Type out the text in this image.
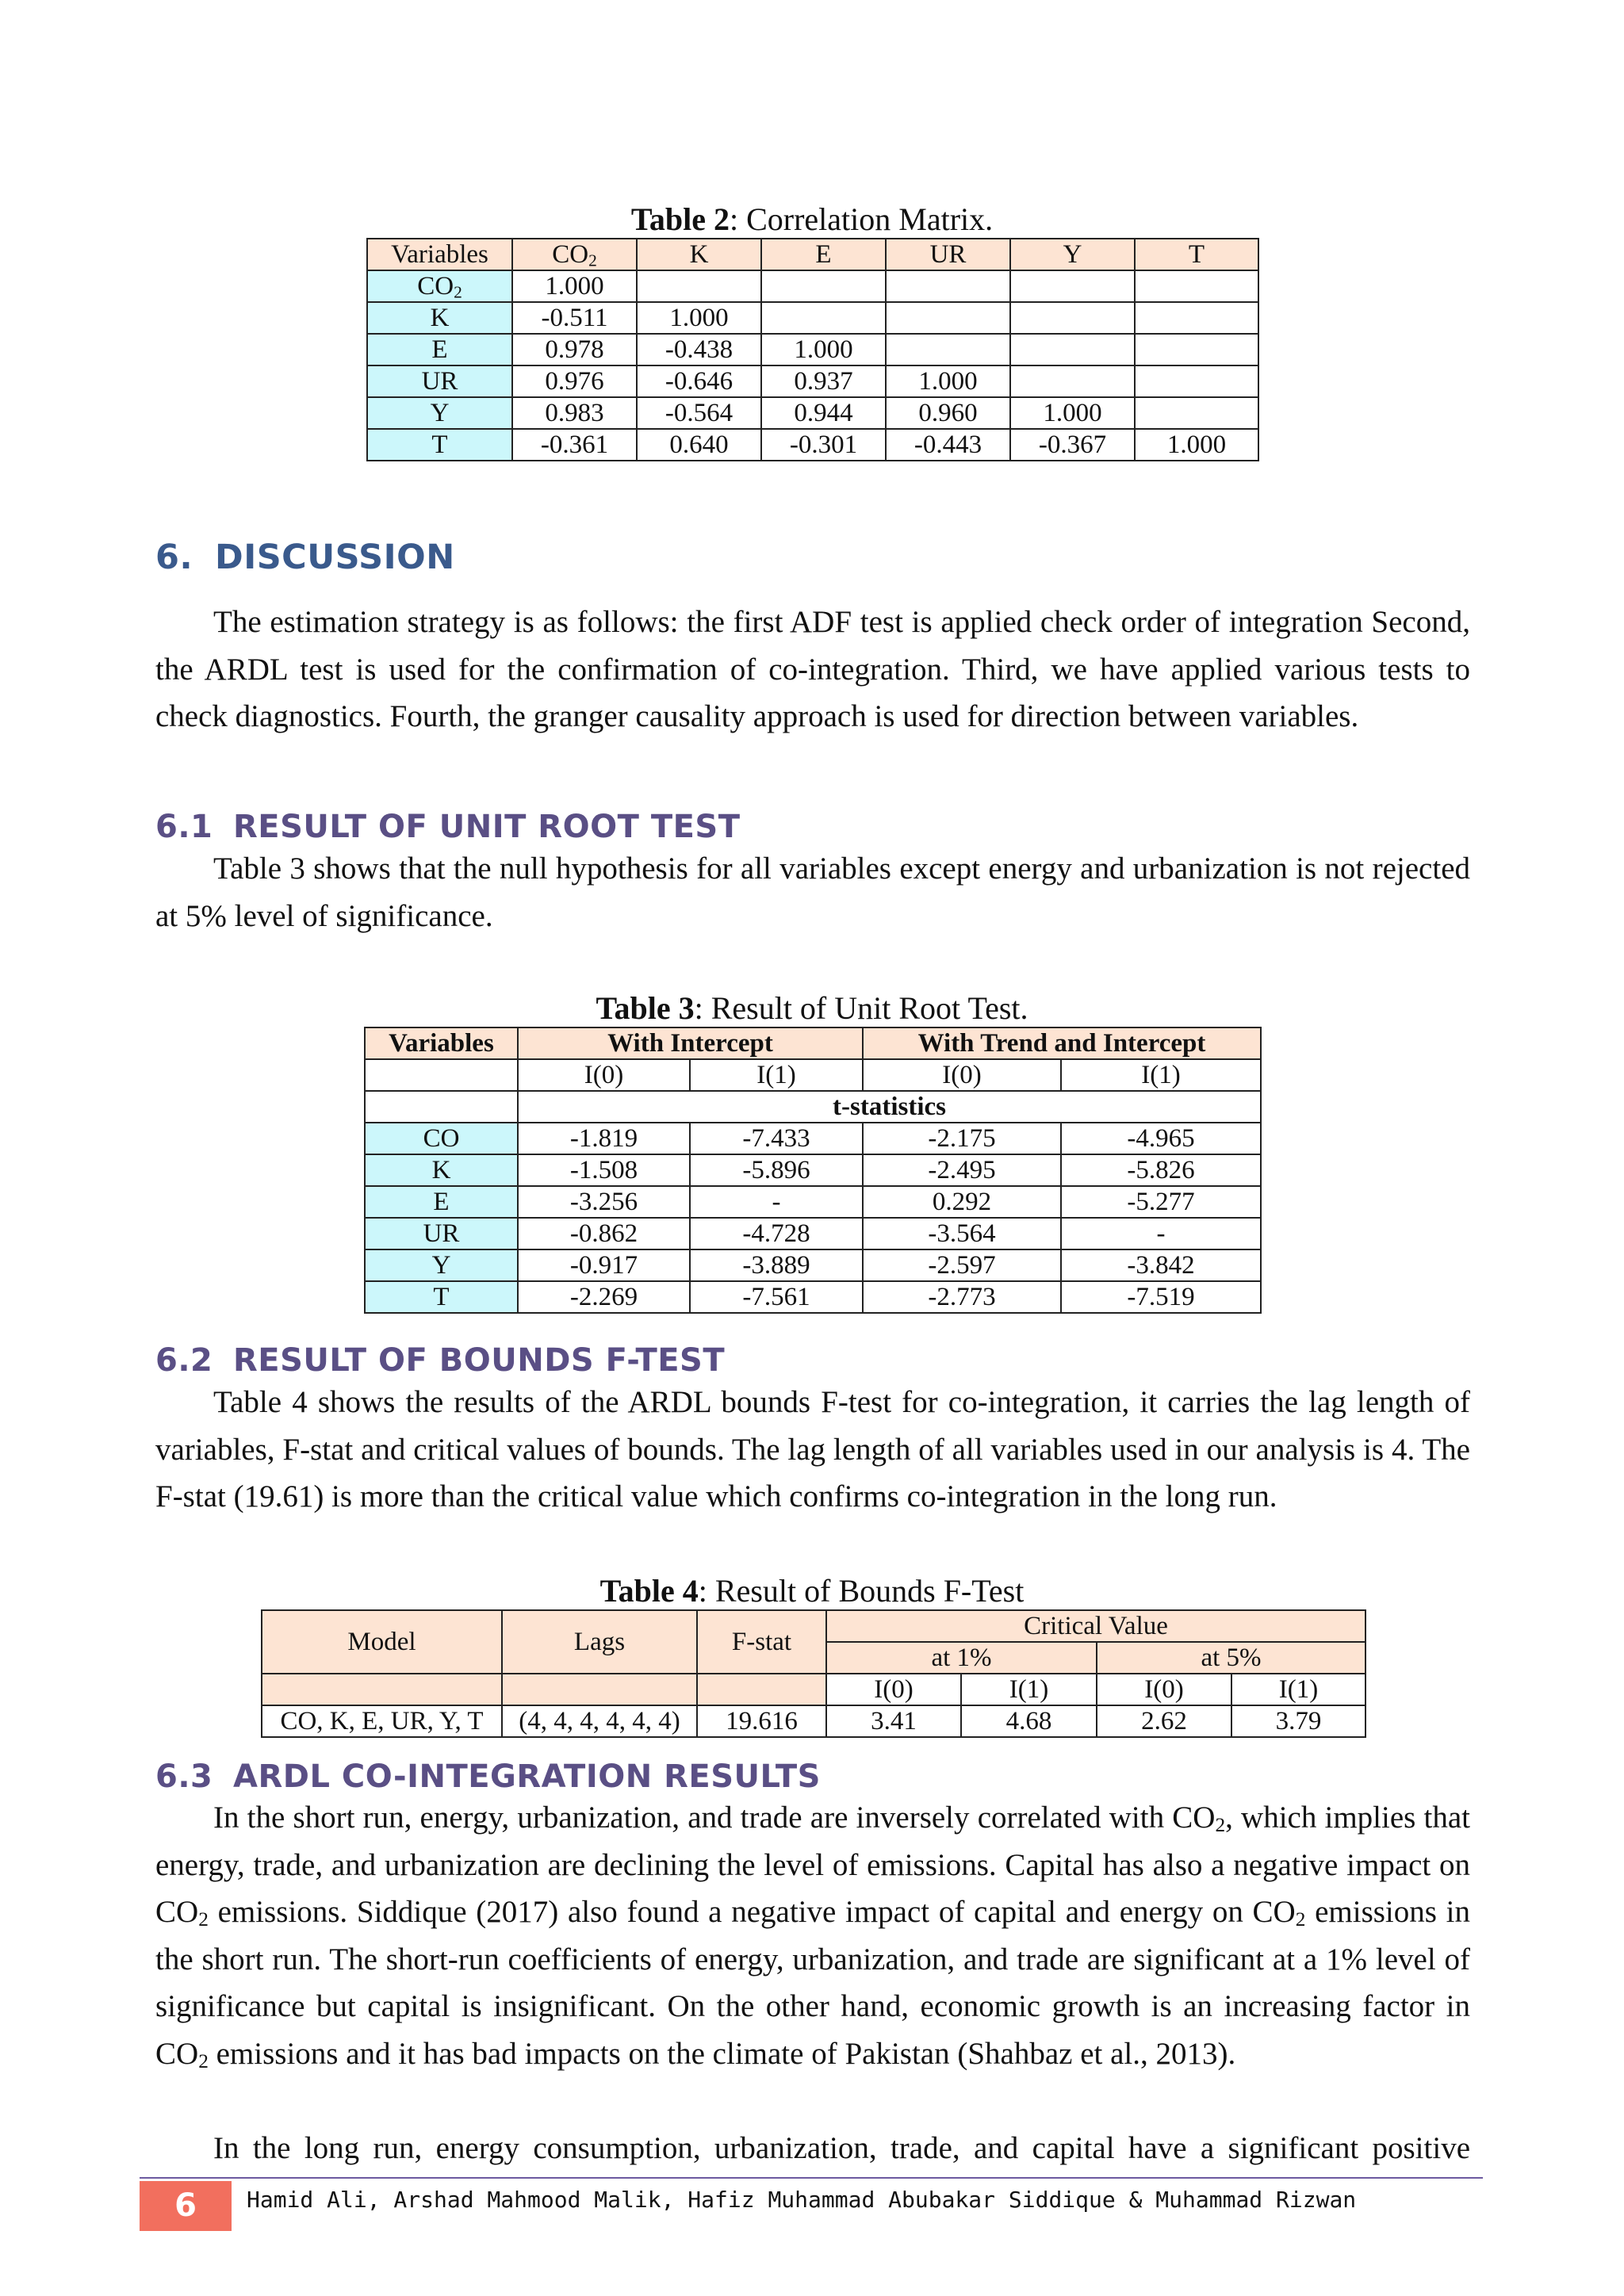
Table 2: Correlation Matrix.
Variables	$CO_2$	K	E	UR	Y	T
$CO_2$	1.000					
K	-0.511	1.000				
E	0.978	-0.438	1.000			
UR	0.976	-0.646	0.937	1.000		
Y	0.983	-0.564	0.944	0.960	1.000	
T	-0.361	0.640	-0.301	-0.443	-0.367	1.000
6. DISCUSSION
The estimation strategy is as follows: the first ADF test is applied check order of integration Second, the ARDL test is used for the confirmation of co-integration. Third, we have applied various tests to check diagnostics. Fourth, the granger causality approach is used for direction between variables.
6.1 RESULT OF UNIT ROOT TEST
Table 3 shows that the null hypothesis for all variables except energy and urbanization is not rejected at 5% level of significance.
Table 3: Result of Unit Root Test.
Variables	With Intercept		With Trend and Intercept	
	I(0)	I(1)	I(0)	I(1)
	t-statistics			
CO	-1.819	-7.433	-2.175	-4.965
K	-1.508	-5.896	-2.495	-5.826
E	-3.256	-	0.292	-5.277
UR	-0.862	-4.728	-3.564	-
Y	-0.917	-3.889	-2.597	-3.842
T	-2.269	-7.561	-2.773	-7.519
6.2 RESULT OF BOUNDS F-TEST
Table 4 shows the results of the ARDL bounds F-test for co-integration, it carries the lag length of variables, F-stat and critical values of bounds. The lag length of all variables used in our analysis is 4. The F-stat (19.61) is more than the critical value which confirms co-integration in the long run.
Table 4: Result of Bounds F-Test
Model	Lags	F-stat	Critical Value			
			at 1%		at 5%	
			I(0)	I(1)	I(0)	I(1)
CO, K, E, UR, Y, T	(4, 4, 4, 4, 4, 4)	19.616	3.41	4.68	2.62	3.79
6.3 ARDL CO-INTEGRATION RESULTS
In the short run, energy, urbanization, and trade are inversely correlated with $CO_2$, which implies that energy, trade, and urbanization are declining the level of emissions. Capital has also a negative impact on $CO_2$ emissions. Siddique (2017) also found a negative impact of capital and energy on $CO_2$ emissions in the short run. The short-run coefficients of energy, urbanization, and trade are significant at a 1% level of significance but capital is insignificant. On the other hand, economic growth is an increasing factor in $CO_2$ emissions and it has bad impacts on the climate of Pakistan (Shahbaz et al., 2013).
In the long run, energy consumption, urbanization, trade, and capital have a significant positive
6	Hamid Ali, Arshad Mahmood Malik, Hafiz Muhammad Abubakar Siddique & Muhammad Rizwan
